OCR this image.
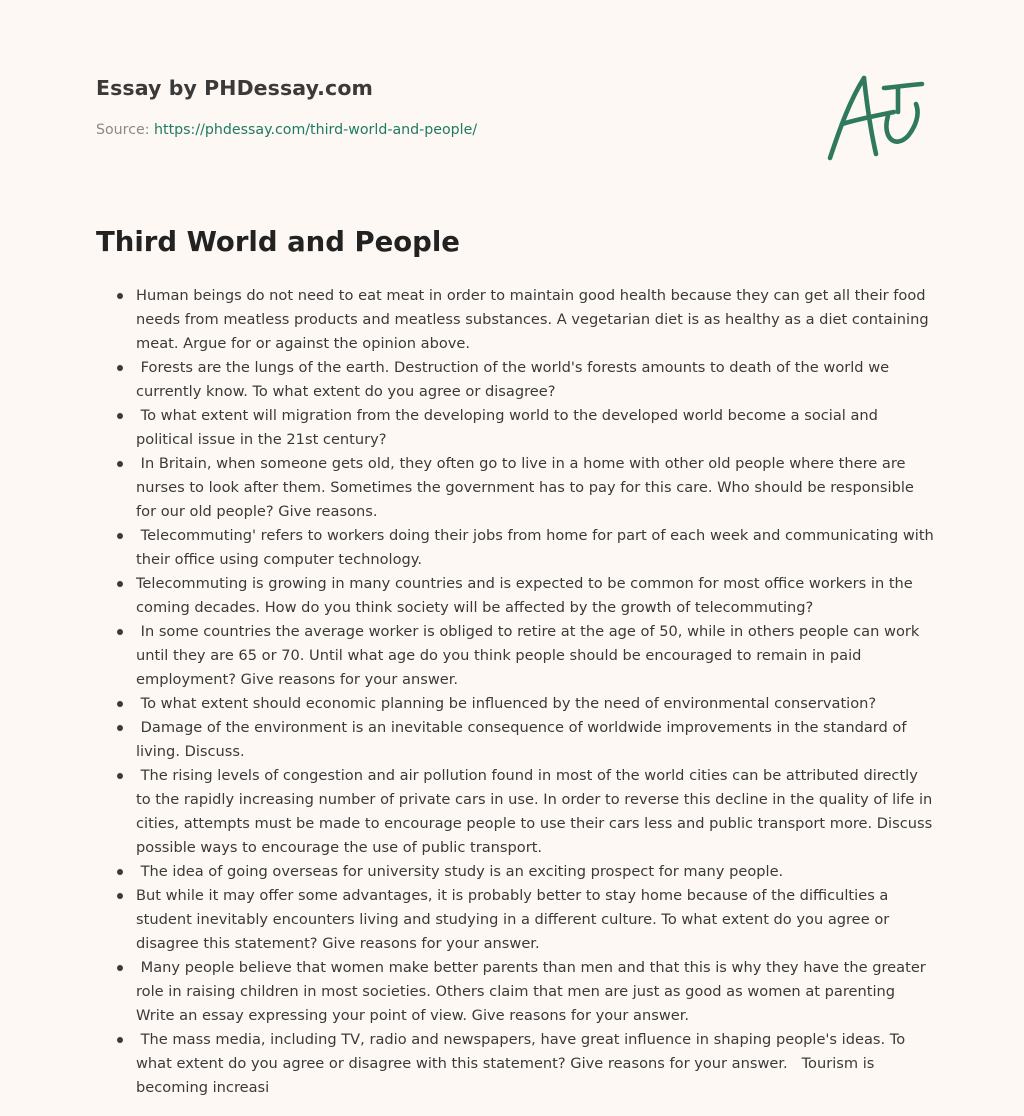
Essay by PHDessay.com
Source: https://phdessay.com/third-world-and-people/
Third World and People
Human beings do not need to eat meat in order to maintain good health because they can get all their food needs from meatless products and meatless substances. A vegetarian diet is as healthy as a diet containing meat. Argue for or against the opinion above.
Forests are the lungs of the earth. Destruction of the world's forests amounts to death of the world we currently know. To what extent do you agree or disagree?
To what extent will migration from the developing world to the developed world become a social and political issue in the 21st century?
In Britain, when someone gets old, they often go to live in a home with other old people where there are nurses to look after them. Sometimes the government has to pay for this care. Who should be responsible for our old people? Give reasons.
Telecommuting' refers to workers doing their jobs from home for part of each week and communicating with their office using computer technology.
Telecommuting is growing in many countries and is expected to be common for most office workers in the coming decades. How do you think society will be affected by the growth of telecommuting?
In some countries the average worker is obliged to retire at the age of 50, while in others people can work until they are 65 or 70. Until what age do you think people should be encouraged to remain in paid employment? Give reasons for your answer.
To what extent should economic planning be influenced by the need of environmental conservation?
Damage of the environment is an inevitable consequence of worldwide improvements in the standard of living. Discuss.
The rising levels of congestion and air pollution found in most of the world cities can be attributed directly to the rapidly increasing number of private cars in use. In order to reverse this decline in the quality of life in cities, attempts must be made to encourage people to use their cars less and public transport more. Discuss possible ways to encourage the use of public transport.
The idea of going overseas for university study is an exciting prospect for many people.
But while it may offer some advantages, it is probably better to stay home because of the difficulties a student inevitably encounters living and studying in a different culture. To what extent do you agree or disagree this statement? Give reasons for your answer.
Many people believe that women make better parents than men and that this is why they have the greater role in raising children in most societies. Others claim that men are just as good as women at parenting Write an essay expressing your point of view. Give reasons for your answer.
The mass media, including TV, radio and newspapers, have great influence in shaping people's ideas. To what extent do you agree or disagree with this statement? Give reasons for your answer.   Tourism is becoming increasi
